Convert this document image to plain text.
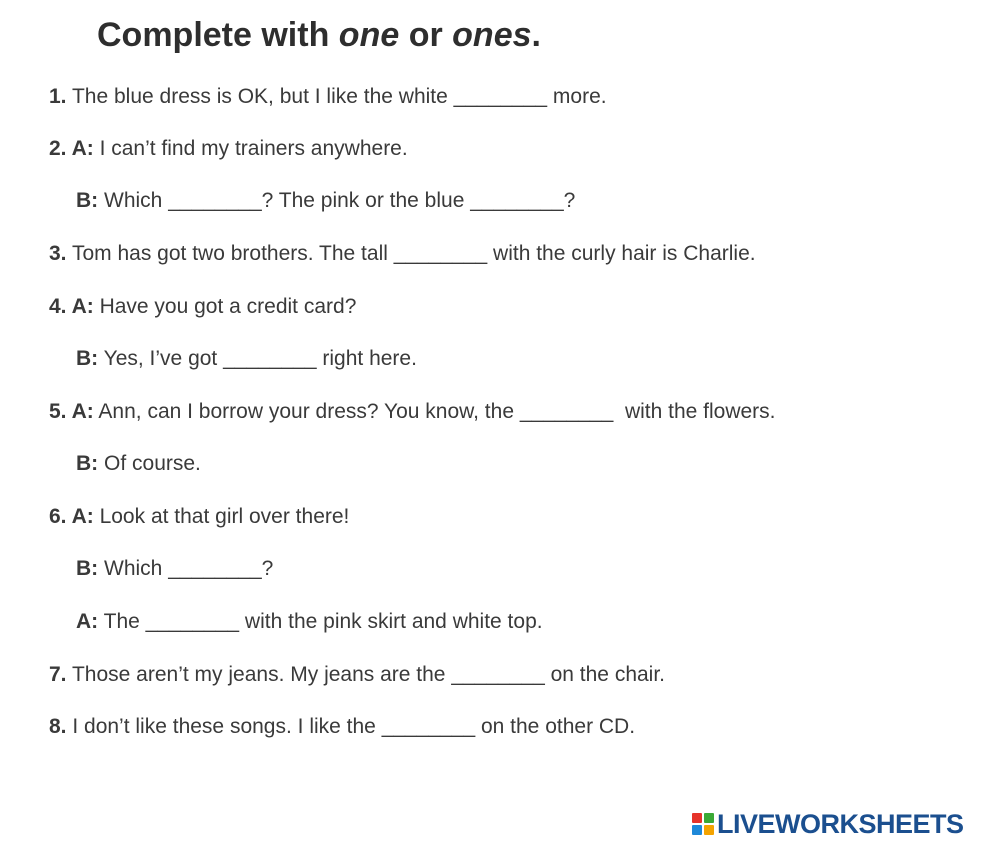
Complete with one or ones.
1. The blue dress is OK, but I like the white ________ more.
2. A: I can’t find my trainers anywhere.
B: Which ________? The pink or the blue ________?
3. Tom has got two brothers. The tall ________ with the curly hair is Charlie.
4. A: Have you got a credit card?
B: Yes, I’ve got ________ right here.
5. A: Ann, can I borrow your dress? You know, the ________  with the flowers.
B: Of course.
6. A: Look at that girl over there!
B: Which ________?
A: The ________ with the pink skirt and white top.
7. Those aren’t my jeans. My jeans are the ________ on the chair.
8. I don’t like these songs. I like the ________ on the other CD.
LIVEWORKSHEETS
